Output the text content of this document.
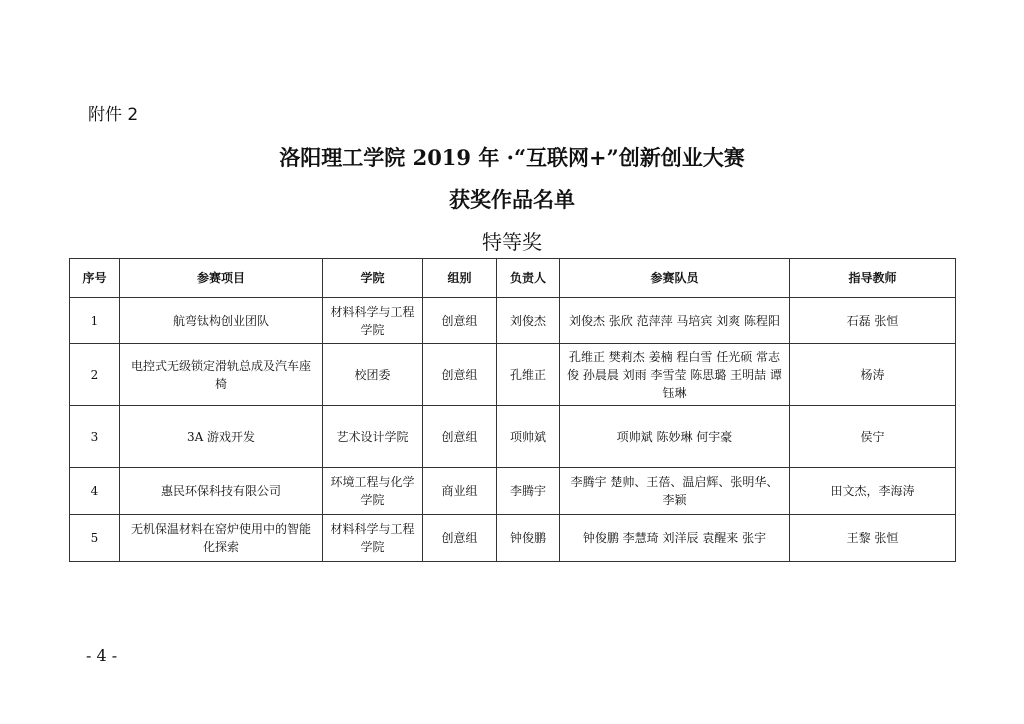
附件 2
洛阳理工学院 2019 年 ·“互联网+”创新创业大赛
获奖作品名单
特等奖
序号	参赛项目	学院	组别	负责人	参赛队员	指导教师
1	航弯钛构创业团队	材料科学与工程学院	创意组	刘俊杰	刘俊杰 张欣 范萍萍 马培宾 刘爽 陈程阳	石磊 张恒
2	电控式无级锁定滑轨总成及汽车座椅	校团委	创意组	孔维正	孔维正 樊莉杰 姜楠 程白雪 任光硕 常志俊 孙晨晨 刘雨 李雪莹 陈思璐 王明喆 谭钰琳	杨涛
3	3A 游戏开发	艺术设计学院	创意组	项帅斌	项帅斌 陈妙琳 何宇豪	侯宁
4	惠民环保科技有限公司	环境工程与化学学院	商业组	李腾宇	李腾宇 楚帅、王蓓、温启辉、张明华、李颖	田文杰，李海涛
5	无机保温材料在窑炉使用中的智能化探索	材料科学与工程学院	创意组	钟俊鹏	钟俊鹏 李慧琦 刘洋辰 袁醒来 张宇	王黎 张恒
- 4 -
